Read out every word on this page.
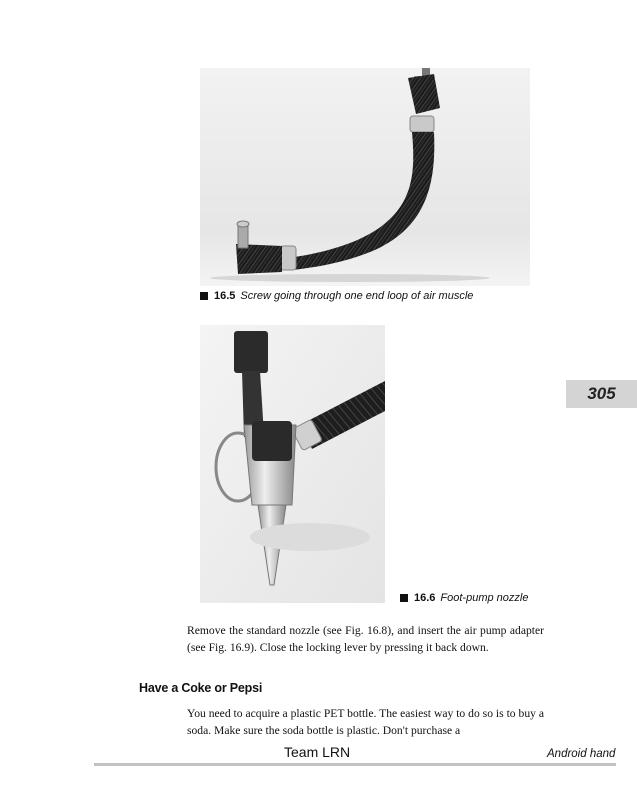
16.5 Screw going through one end loop of air muscle
16.6 Foot-pump nozzle
305

Remove the standard nozzle (see Fig. 16.8), and insert the air pump adapter (see Fig. 16.9). Close the locking lever by pressing it back down.

Have a Coke or Pepsi

You need to acquire a plastic PET bottle. The easiest way to do so is to buy a soda. Make sure the soda bottle is plastic. Don't purchase a

Team LRN	Android hand
